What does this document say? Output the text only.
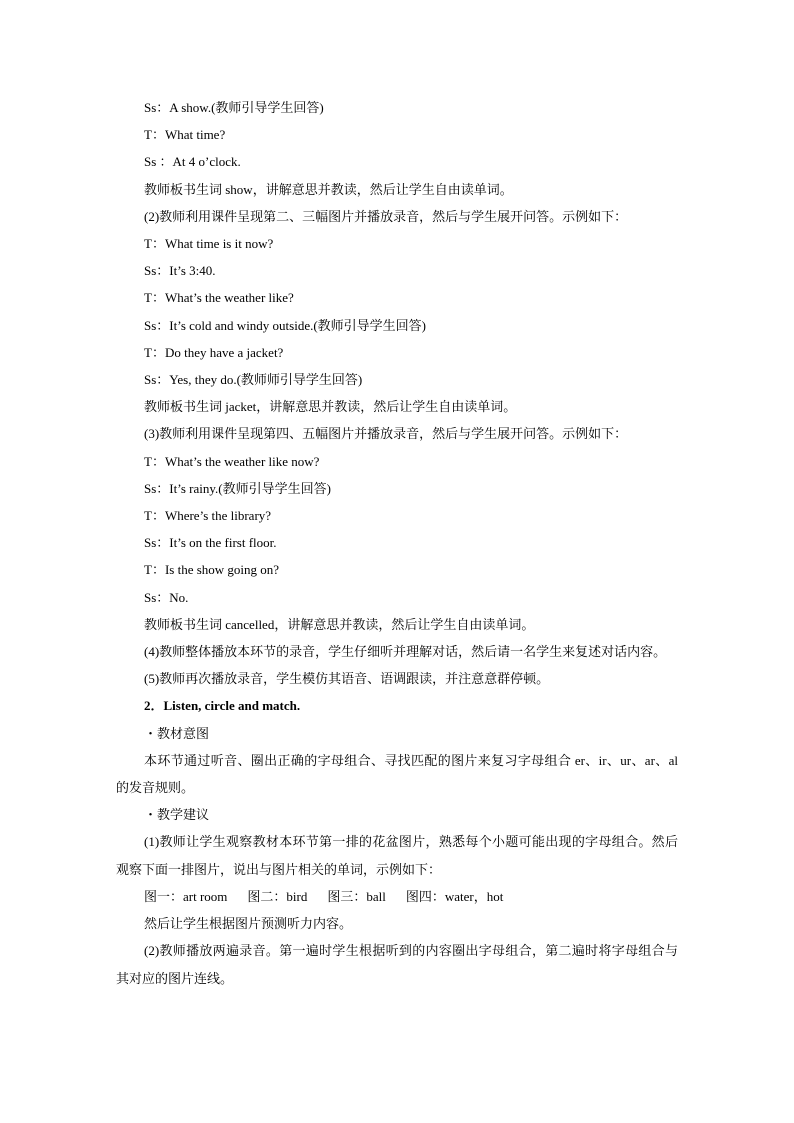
Ss：A show.(教师引导学生回答)

T：What time?

Ss ：At 4 o’clock.

教师板书生词 show，讲解意思并教读，然后让学生自由读单词。

(2)教师利用课件呈现第二、三幅图片并播放录音，然后与学生展开问答。示例如下：

T：What time is it now?

Ss：It’s 3:40.

T：What’s the weather like?

Ss：It’s cold and windy outside.(教师引导学生回答)

T：Do they have a jacket?

Ss：Yes, they do.(教师师引导学生回答)

教师板书生词 jacket，讲解意思并教读，然后让学生自由读单词。

(3)教师利用课件呈现第四、五幅图片并播放录音，然后与学生展开问答。示例如下：

T：What’s the weather like now?

Ss：It’s rainy.(教师引导学生回答)

T：Where’s the library?

Ss：It’s on the first floor.

T：Is the show going on?

Ss：No.

教师板书生词 cancelled，讲解意思并教读，然后让学生自由读单词。

(4)教师整体播放本环节的录音，学生仔细听并理解对话，然后请一名学生来复述对话内容。

(5)教师再次播放录音，学生模仿其语音、语调跟读，并注意意群停顿。

2．Listen, circle and match.

・教材意图

本环节通过听音、圈出正确的字母组合、寻找匹配的图片来复习字母组合 er、ir、ur、ar、al 的发音规则。

・教学建议

(1)教师让学生观察教材本环节第一排的花盆图片，熟悉每个小题可能出现的字母组合。然后观察下面一排图片，说出与图片相关的单词，示例如下：

图一：art room 图二：bird 图三：ball 图四：water，hot

然后让学生根据图片预测听力内容。

(2)教师播放两遍录音。第一遍时学生根据听到的内容圈出字母组合，第二遍时将字母组合与其对应的图片连线。
